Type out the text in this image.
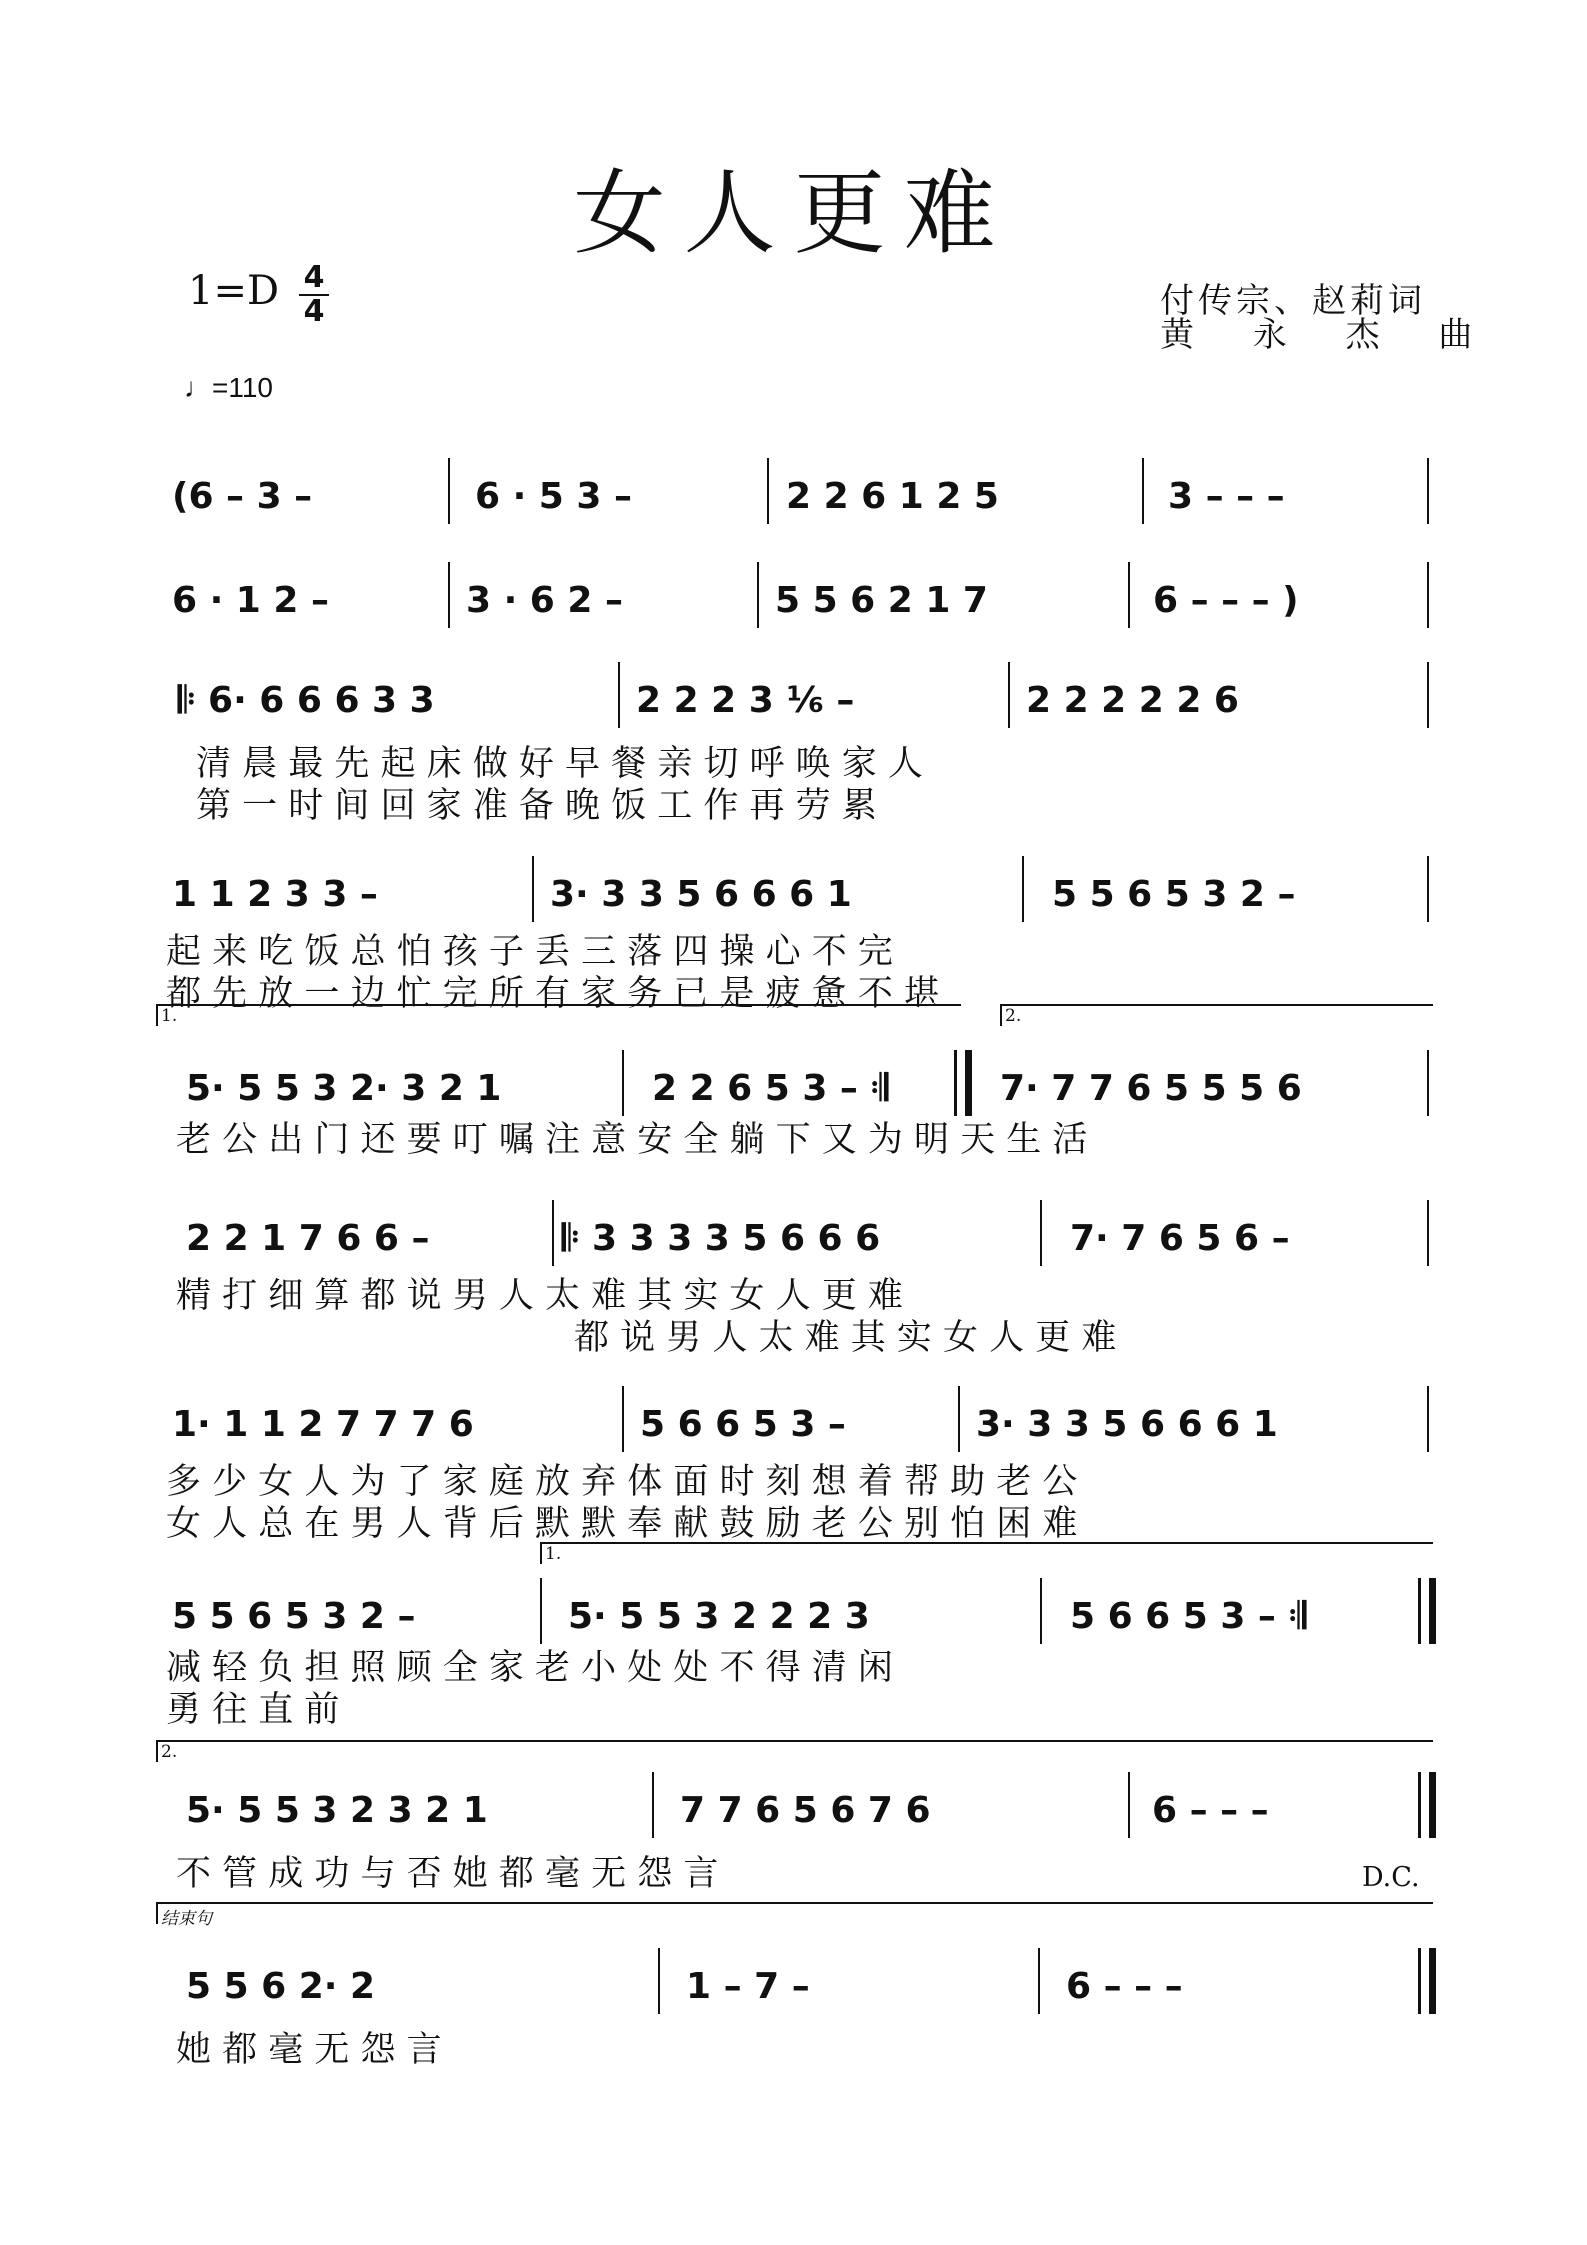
女人更难
1=D 4
4
♩=110
付传宗、赵莉词
黄 永 杰 曲
(6 – 3 –	6 · 5 3 –	2 2 6 1 2 5	3 – – –
6 · 1 2 –	3 · 6 2 –	5 5 6 2 1 7	6 – – – )
𝄆 6· 6 6 6 3 3	2 2 2 3 ¹⁄₆ –	2 2 2 2 2 6
清 晨 最 先 起 床 做 好 早 餐 亲 切 呼 唤 家 人
第 一 时 间 回 家 准 备 晚 饭 工 作 再 劳 累
1 1 2 3 3 –	3· 3 3 5 6 6 6 1	5 5 6 5 3 2 –
起 来 吃 饭 总 怕 孩 子 丢 三 落 四 操 心 不 完
都 先 放 一 边 忙 完 所 有 家 务 已 是 疲 惫 不 堪
1.	2.
5· 5 5 3 2· 3 2 1	2 2 6 5 3 – 𝄇	7· 7 7 6 5 5 5 6
老 公 出 门 还 要 叮 嘱 注 意 安 全 躺 下 又 为 明 天 生 活
2 2 1 7 6 6 –	𝄆 3 3 3 3 5 6 6 6	7· 7 6 5 6 –
精 打 细 算 都 说 男 人 太 难 其 实 女 人 更 难
都 说 男 人 太 难 其 实 女 人 更 难
1· 1 1 2 7 7 7 6	5 6 6 5 3 –	3· 3 3 5 6 6 6 1
多 少 女 人 为 了 家 庭 放 弃 体 面 时 刻 想 着 帮 助 老 公
女 人 总 在 男 人 背 后 默 默 奉 献 鼓 励 老 公 别 怕 困 难
1.
5 5 6 5 3 2 –	5· 5 5 3 2 2 2 3	5 6 6 5 3 – 𝄇
减 轻 负 担 照 顾 全 家 老 小 处 处 不 得 清 闲
勇 往 直 前
2.
5· 5 5 3 2 3 2 1	7 7 6 5 6 7 6	6 – – –
不 管 成 功 与 否 她 都 毫 无 怨 言	D.C.
结束句
5 5 6 2· 2	1 – 7 –	6 – – –
她 都 毫 无 怨 言
